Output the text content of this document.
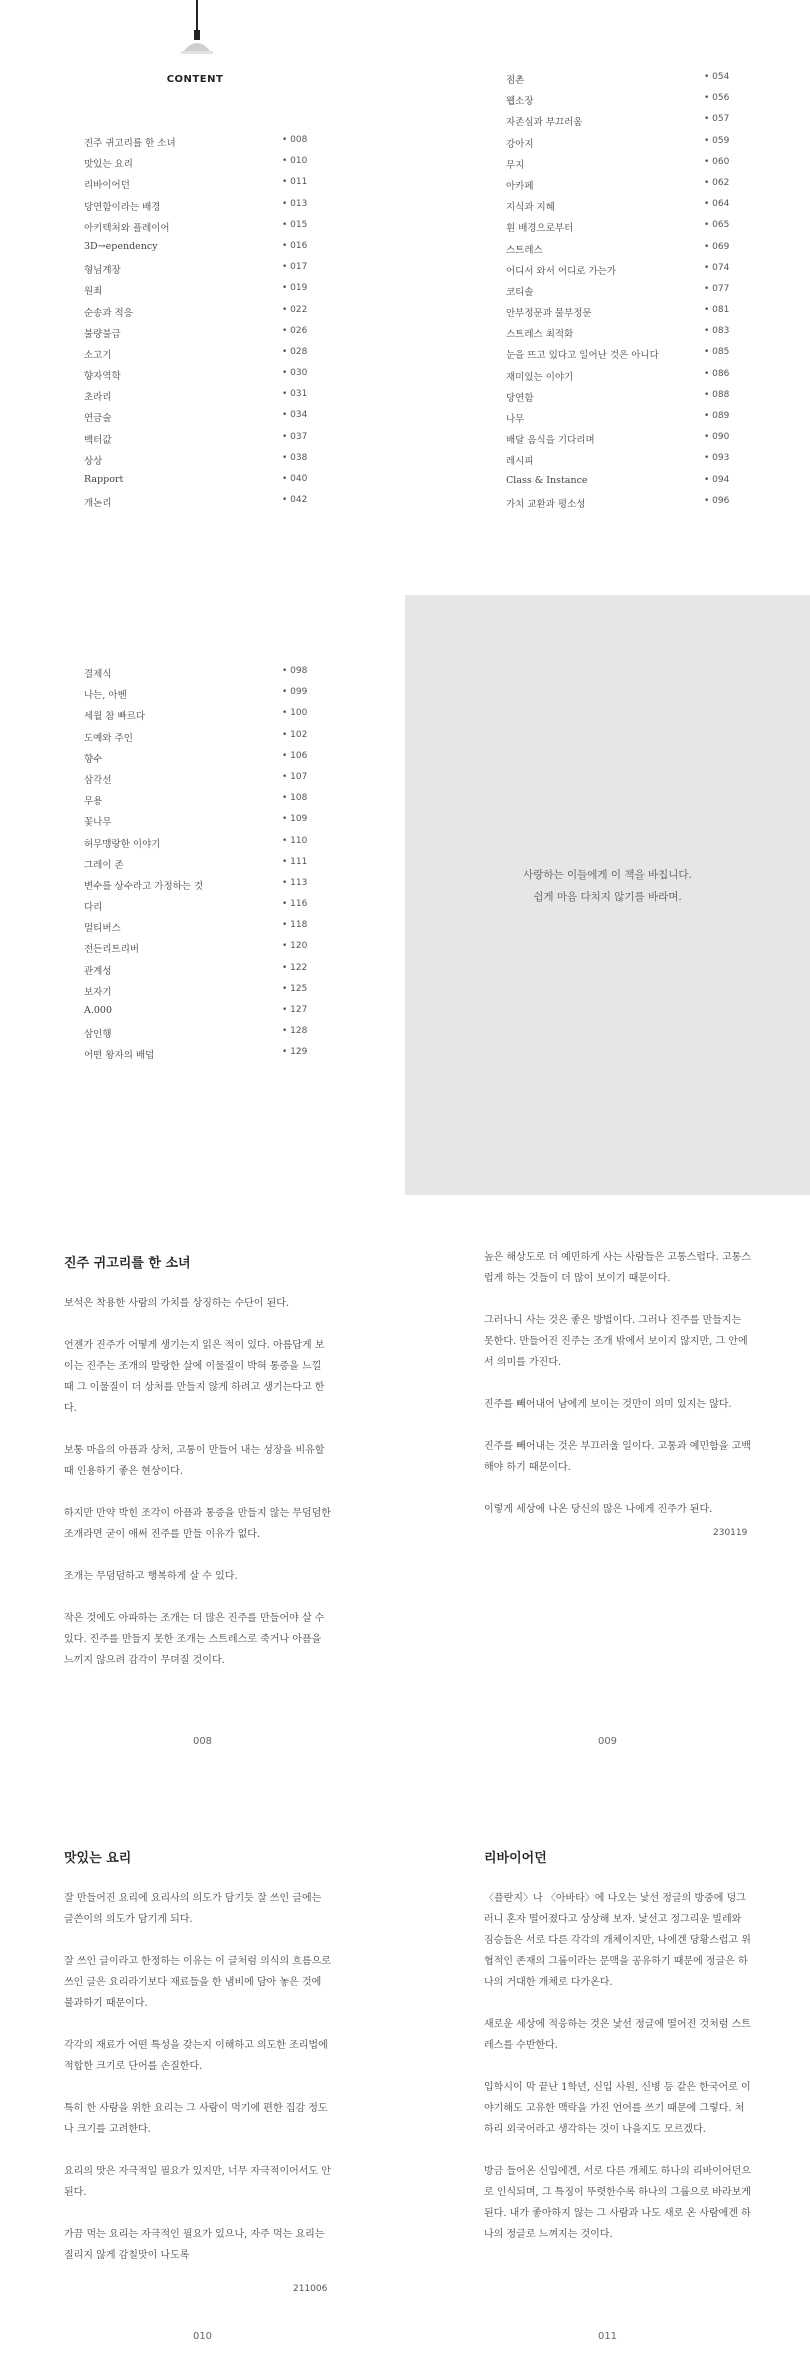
CONTENT
진주 귀고리를 한 소녀	• 008
맛있는 요리	• 010
리바이어던	• 011
당연함이라는 배경	• 013
아키텍처와 플레이어	• 015
3D→ependency	• 016
형님계장	• 017
원죄	• 019
순송과 적응	• 022
불량불급	• 026
소고기	• 028
향자역학	• 030
초라리	• 031
연금술	• 034
백터값	• 037
상상	• 038
Rapport	• 040
개논리	• 042
점촌	• 054
웹소장	• 056
자존심과 부끄러움	• 057
강아지	• 059
무지	• 060
아카페	• 062
지식과 지혜	• 064
흰 배경으로부터	• 065
스트레스	• 069
어디서 와서 어디로 가는가	• 074
코티솔	• 077
안부정문과 물부정문	• 081
스트레스 최적화	• 083
눈을 뜨고 있다고 일어난 것은 아니다	• 085
재미있는 이야기	• 086
당연함	• 088
나무	• 089
배달 음식을 기다리며	• 090
레시피	• 093
Class & Instance	• 094
가치 교환과 평소성	• 096
결제식	• 098
나는, 아벤	• 099
세월 참 빠르다	• 100
도예와 주인	• 102
향수	• 106
삼각선	• 107
무용	• 108
꽃나무	• 109
허무맹랑한 이야기	• 110
그레이 존	• 111
변수를 상수라고 가정하는 것	• 113
다리	• 116
멀티버스	• 118
전든리트리버	• 120
관계성	• 122
보자기	• 125
A.000	• 127
삼인행	• 128
어떤 왕자의 배덥	• 129

사랑하는 이들에게 이 책을 바칩니다.

쉽게 마음 다치지 않기를 바라며.

진주 귀고리를 한 소녀

보석은 착용한 사람의 가치를 상징하는 수단이 된다.

언젠가 진주가 어떻게 생기는지 읽은 적이 있다. 아름답게 보이는 진주는 조개의 말랑한 살에 이물질이 박혀 통증을 느낄 때 그 이물질이 더 상처를 만들지 않게 하려고 생기는다고 한다.

보통 마음의 아픔과 상처, 고통이 만들어 내는 성장을 비유할 때 인용하기 좋은 현상이다.

하지만 만약 박힌 조각이 아픔과 통증을 만들지 않는 무덤덤한 조개라면 굳이 애써 진주를 만들 이유가 없다.

조개는 무덤덤하고 행복하게 살 수 있다.

작은 것에도 아파하는 조개는 더 많은 진주를 만들어야 살 수 있다. 진주를 만들지 못한 조개는 스트레스로 죽거나 아픔을 느끼지 않으려 감각이 무뎌질 것이다.

008

높은 해상도로 더 예민하게 사는 사람들은 고통스럽다. 고통스럽게 하는 것들이 더 많이 보이기 때문이다.

그러나니 사는 것은 좋은 방법이다. 그러나 진주를 만들지는 못한다. 만들어진 진주는 조개 밖에서 보이지 않지만, 그 안에서 의미를 가진다.

진주를 빼어내어 남에게 보이는 것만이 의미 있지는 않다.

진주를 빼어내는 것은 부끄러울 일이다. 고통과 예민함을 고백해야 하기 때문이다.

이렇게 세상에 나온 당신의 많은 나에게 진주가 된다.

230119
009
맛있는 요리

잘 만들어진 요리에 요리사의 의도가 담기듯 잘 쓰인 글에는 글쓴이의 의도가 담기게 되다.

잘 쓰인 글이라고 한정하는 이유는 이 글처럼 의식의 흐름으로 쓰인 글은 요리라기보다 재료들을 한 냄비에 담아 놓은 것에 불과하기 때문이다.

각각의 재료가 어떤 특성을 갖는지 이해하고 의도한 조리법에 적합한 크기로 단어를 손질한다.

특히 한 사람을 위한 요리는 그 사람이 먹기에 편한 집감 정도나 크기를 고려한다.

요리의 맛은 자극적일 필요가 있지만, 너무 자극적이어서도 안 된다.

가끔 먹는 요리는 자극적인 필요가 있으나, 자주 먹는 요리는 질리지 않게 감칠맛이 나도록

211006
010
리바이어던

〈플란지〉나 〈아바타〉에 나오는 낯선 정글의 방중에 덩그러니 혼자 떨어졌다고 상상해 보자. 낯선고 정그리운 빌레와 짐승들은 서로 다른 각각의 개체이지만, 나에겐 당황스럽고 위협적인 존재의 그룹이라는 문맥을 공유하기 때문에 정글은 하나의 거대한 개체로 다가온다.

새로운 세상에 적응하는 것은 낯선 정글에 떨어진 것처럼 스트레스를 수반한다.

입학시이 막 끝난 1학년, 신입 사원, 신병 등 같은 한국어로 이야기해도 고유한 맥락을 가진 언어를 쓰기 때문에 그렇다. 처하리 외국어라고 생각하는 것이 나을지도 모르겠다.

방금 들어온 신입에겐, 서로 다른 개체도 하나의 리바이어던으로 인식되며, 그 특징이 뚜렷한수록 하나의 그룹으로 바라보게 된다. 내가 좋아하지 않는 그 사람과 나도 새로 온 사람에겐 하나의 정글로 느껴지는 것이다.

011
